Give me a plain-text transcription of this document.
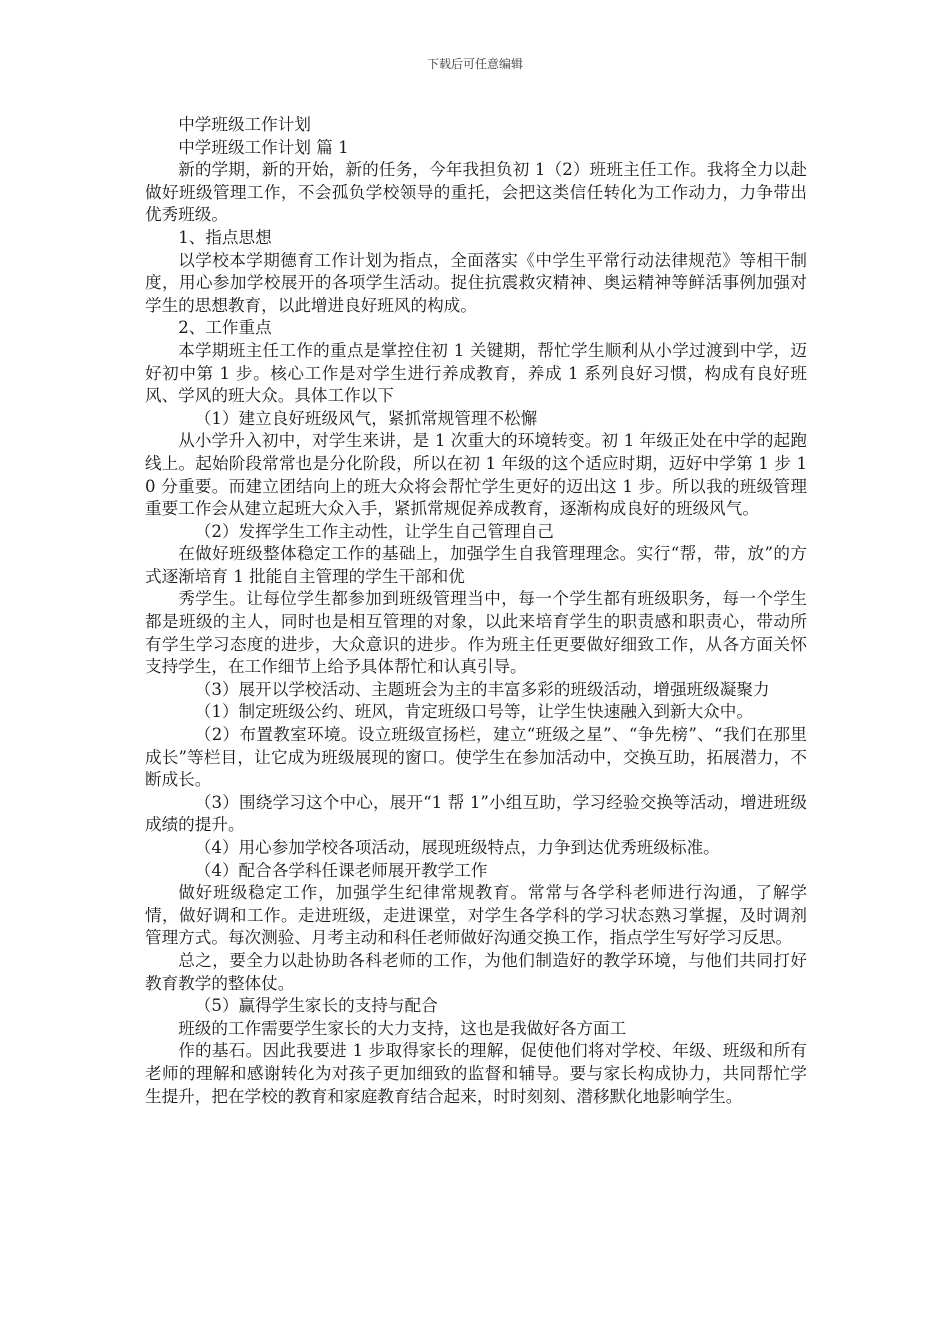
下载后可任意编辑

中学班级工作计划

中学班级工作计划 篇 1

新的学期，新的开始，新的任务，今年我担负初 1（2）班班主任工作。我将全力以赴做好班级管理工作，不会孤负学校领导的重托，会把这类信任转化为工作动力，力争带出优秀班级。

1、指点思想

以学校本学期德育工作计划为指点，全面落实《中学生平常行动法律规范》等相干制度，用心参加学校展开的各项学生活动。捉住抗震救灾精神、奥运精神等鲜活事例加强对学生的思想教育，以此增进良好班风的构成。

2、工作重点

本学期班主任工作的重点是掌控住初 1 关键期，帮忙学生顺利从小学过渡到中学，迈好初中第 1 步。核心工作是对学生进行养成教育，养成 1 系列良好习惯，构成有良好班风、学风的班大众。具体工作以下

（1）建立良好班级风气，紧抓常规管理不松懈

从小学升入初中，对学生来讲，是 1 次重大的环境转变。初 1 年级正处在中学的起跑线上。起始阶段常常也是分化阶段，所以在初 1 年级的这个适应时期，迈好中学第 1 步 10 分重要。而建立团结向上的班大众将会帮忙学生更好的迈出这 1 步。所以我的班级管理重要工作会从建立起班大众入手，紧抓常规促养成教育，逐渐构成良好的班级风气。

（2）发挥学生工作主动性，让学生自己管理自己

在做好班级整体稳定工作的基础上，加强学生自我管理理念。实行“帮，带，放”的方式逐渐培育 1 批能自主管理的学生干部和优

秀学生。让每位学生都参加到班级管理当中，每一个学生都有班级职务，每一个学生都是班级的主人，同时也是相互管理的对象，以此来培育学生的职责感和职责心，带动所有学生学习态度的进步，大众意识的进步。作为班主任更要做好细致工作，从各方面关怀支持学生，在工作细节上给予具体帮忙和认真引导。

（3）展开以学校活动、主题班会为主的丰富多彩的班级活动，增强班级凝聚力

（1）制定班级公约、班风，肯定班级口号等，让学生快速融入到新大众中。

（2）布置教室环境。设立班级宣扬栏，建立“班级之星”、“争先榜”、“我们在那里成长”等栏目，让它成为班级展现的窗口。使学生在参加活动中，交换互助，拓展潜力，不断成长。

（3）围绕学习这个中心，展开“1 帮 1”小组互助，学习经验交换等活动，增进班级成绩的提升。

（4）用心参加学校各项活动，展现班级特点，力争到达优秀班级标准。

（4）配合各学科任课老师展开教学工作

做好班级稳定工作，加强学生纪律常规教育。常常与各学科老师进行沟通，了解学情，做好调和工作。走进班级，走进课堂，对学生各学科的学习状态熟习掌握，及时调剂管理方式。每次测验、月考主动和科任老师做好沟通交换工作，指点学生写好学习反思。

总之，要全力以赴协助各科老师的工作，为他们制造好的教学环境，与他们共同打好教育教学的整体仗。

（5）赢得学生家长的支持与配合

班级的工作需要学生家长的大力支持，这也是我做好各方面工

作的基石。因此我要进 1 步取得家长的理解，促使他们将对学校、年级、班级和所有老师的理解和感谢转化为对孩子更加细致的监督和辅导。要与家长构成协力，共同帮忙学生提升，把在学校的教育和家庭教育结合起来，时时刻刻、潜移默化地影响学生。
